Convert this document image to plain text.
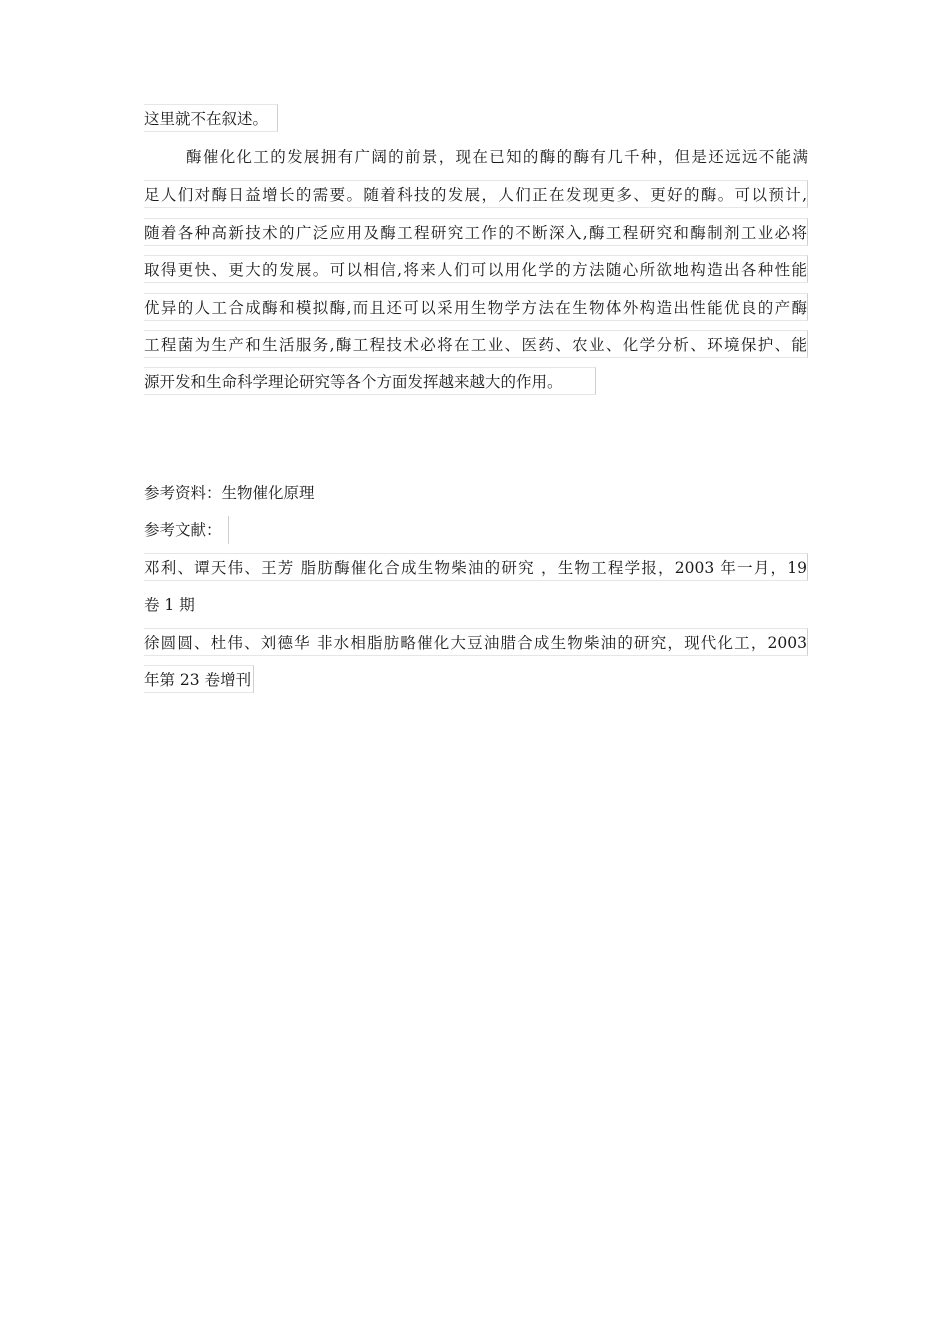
这里就不在叙述。
酶催化化工的发展拥有广阔的前景，现在已知的酶的酶有几千种，但是还远远不能满
足人们对酶日益增长的需要。随着科技的发展，人们正在发现更多、更好的酶。可以预计,
随着各种高新技术的广泛应用及酶工程研究工作的不断深入,酶工程研究和酶制剂工业必将
取得更快、更大的发展。可以相信,将来人们可以用化学的方法随心所欲地构造出各种性能
优异的人工合成酶和模拟酶,而且还可以采用生物学方法在生物体外构造出性能优良的产酶
工程菌为生产和生活服务,酶工程技术必将在工业、医药、农业、化学分析、环境保护、能
源开发和生命科学理论研究等各个方面发挥越来越大的作用。
参考资料：生物催化原理
参考文献：
邓利、谭天伟、王芳 脂肪酶催化合成生物柴油的研究 ，生物工程学报，2003 年一月，19
卷 1 期
徐圆圆、杜伟、刘德华 非水相脂肪略催化大豆油腊合成生物柴油的研究，现代化工，2003
年第 23 卷增刊
